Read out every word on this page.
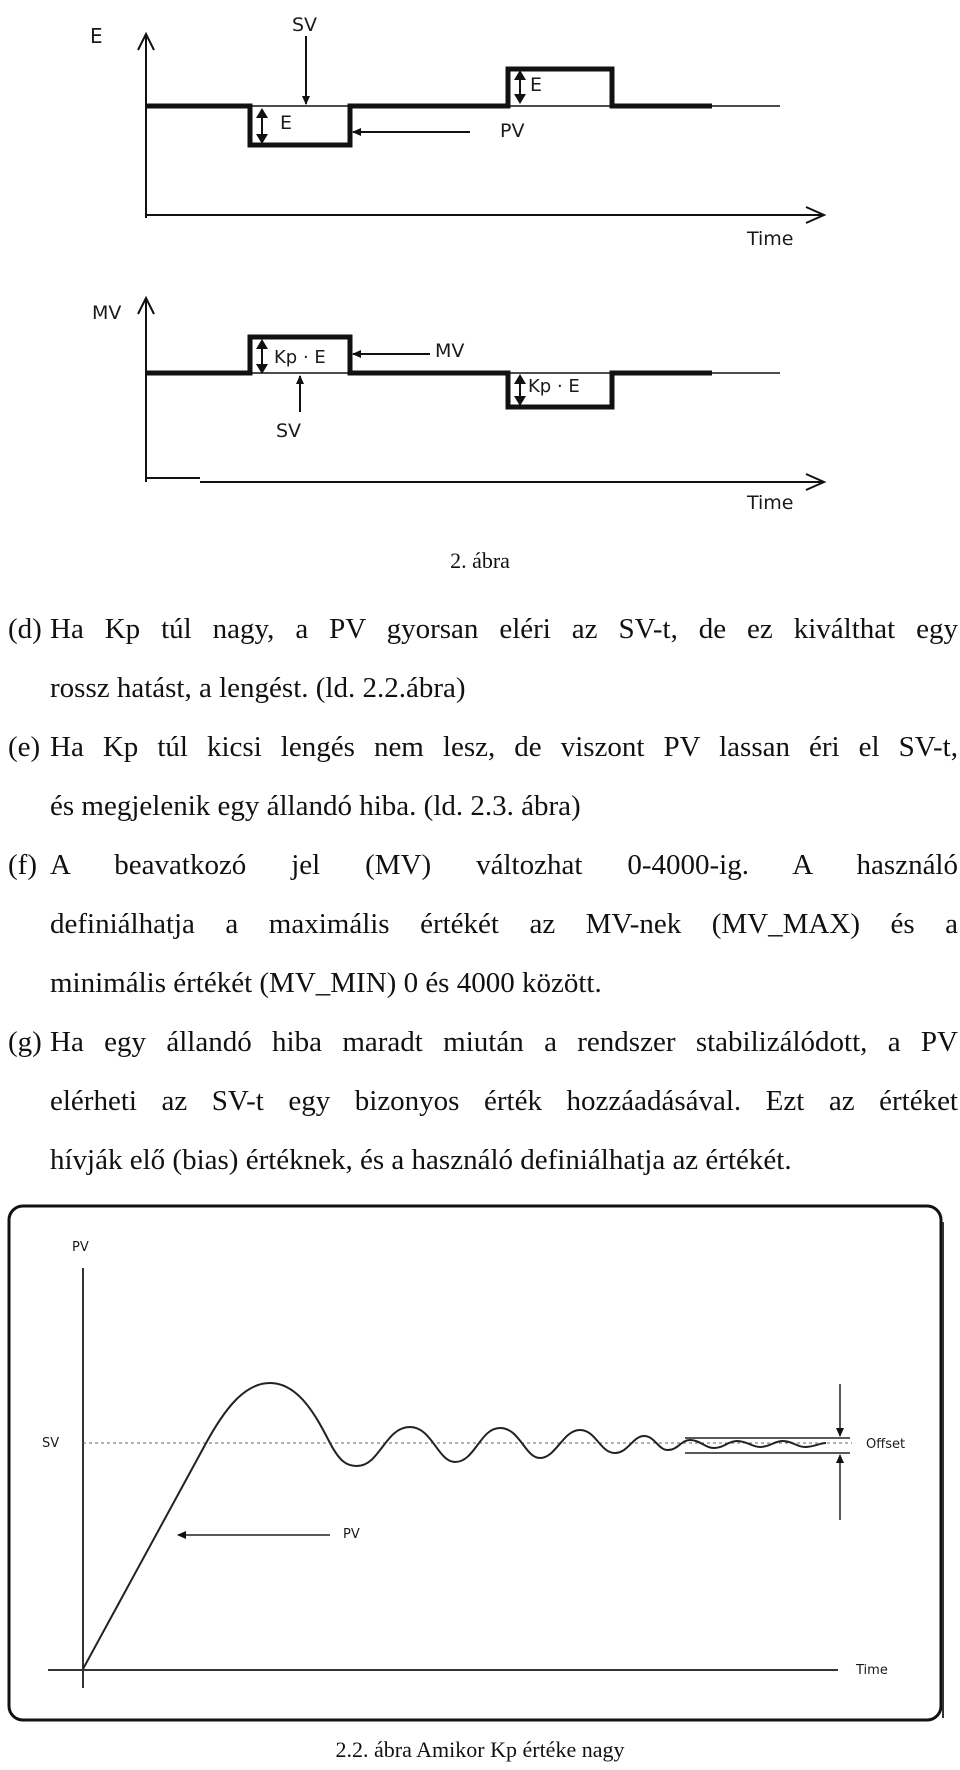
E
Time
SV
PV
E
E
MV
Time
MV
SV
Kp · E
Kp · E
2. ábra
(d) Ha Kp túl nagy, a PV gyorsan eléri az SV-t, de ez kiválthat egy
rossz hatást, a lengést. (ld. 2.2.ábra)
(e) Ha Kp túl kicsi lengés nem lesz, de viszont PV lassan éri el SV-t,
és megjelenik egy állandó hiba. (ld. 2.3. ábra)
(f) A beavatkozó jel (MV) változhat 0-4000-ig. A használó
definiálhatja a maximális értékét az MV-nek (MV_MAX) és a
minimális értékét (MV_MIN) 0 és 4000 között.
(g) Ha egy állandó hiba maradt miután a rendszer stabilizálódott, a PV
elérheti az SV-t egy bizonyos érték hozzáadásával. Ezt az értéket
hívják elő (bias) értéknek, és a használó definiálhatja az értékét.
PV
SV
PV
Offset
Time
2.2. ábra Amikor Kp értéke nagy
